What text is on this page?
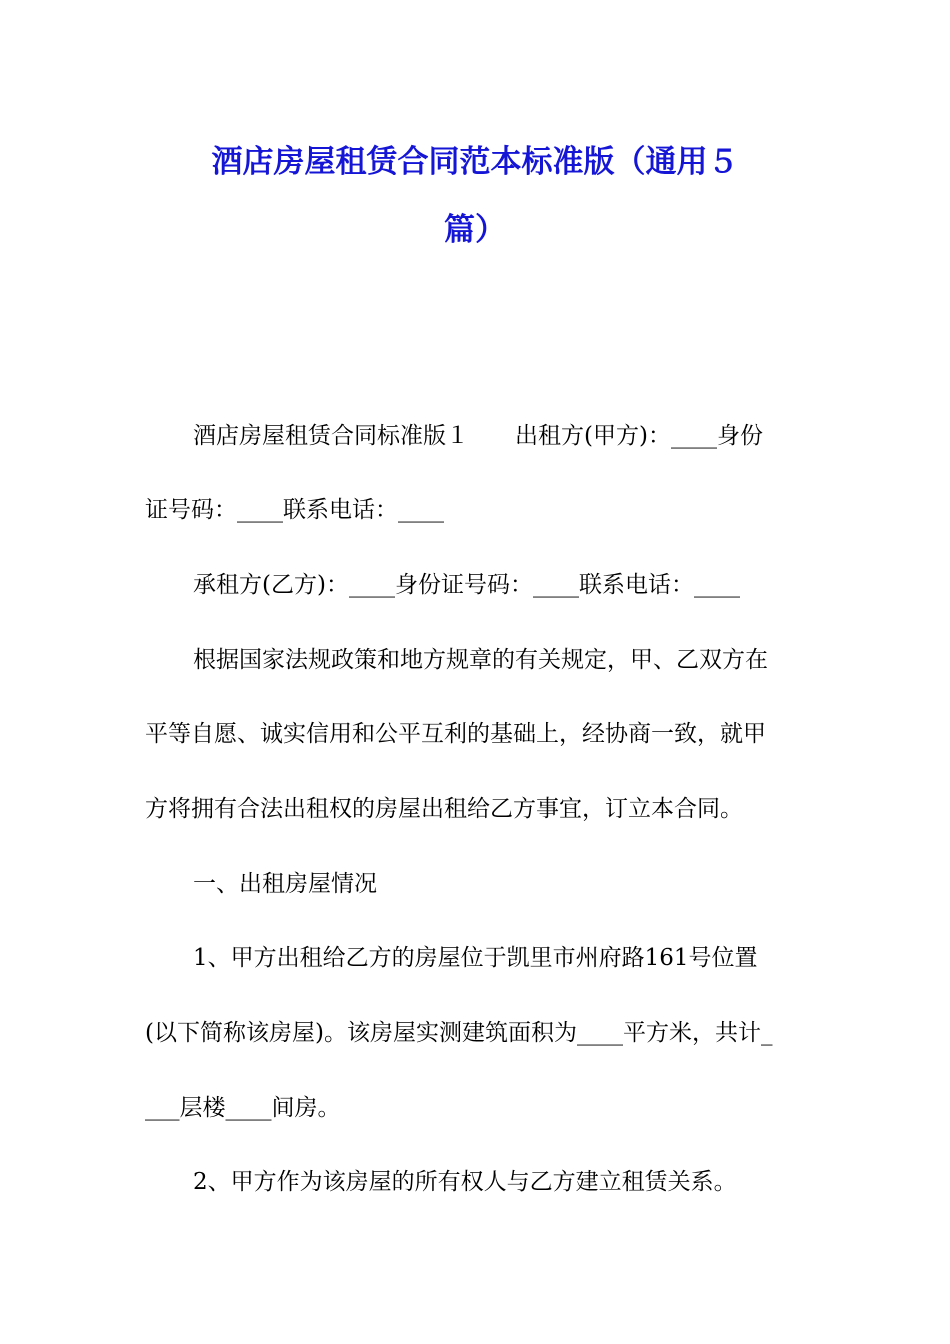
酒店房屋租赁合同范本标准版（通用５
篇）
酒店房屋租赁合同标准版１　　出租方(甲方)：____身份
证号码：____联系电话：____
承租方(乙方)：____身份证号码：____联系电话：____
根据国家法规政策和地方规章的有关规定，甲、乙双方在
平等自愿、诚实信用和公平互利的基础上，经协商一致，就甲
方将拥有合法出租权的房屋出租给乙方事宜，订立本合同。
一、出租房屋情况
1、甲方出租给乙方的房屋位于凯里市州府路161号位置
(以下简称该房屋)。该房屋实测建筑面积为____平方米，共计_
___层楼____间房。
2、甲方作为该房屋的所有权人与乙方建立租赁关系。
